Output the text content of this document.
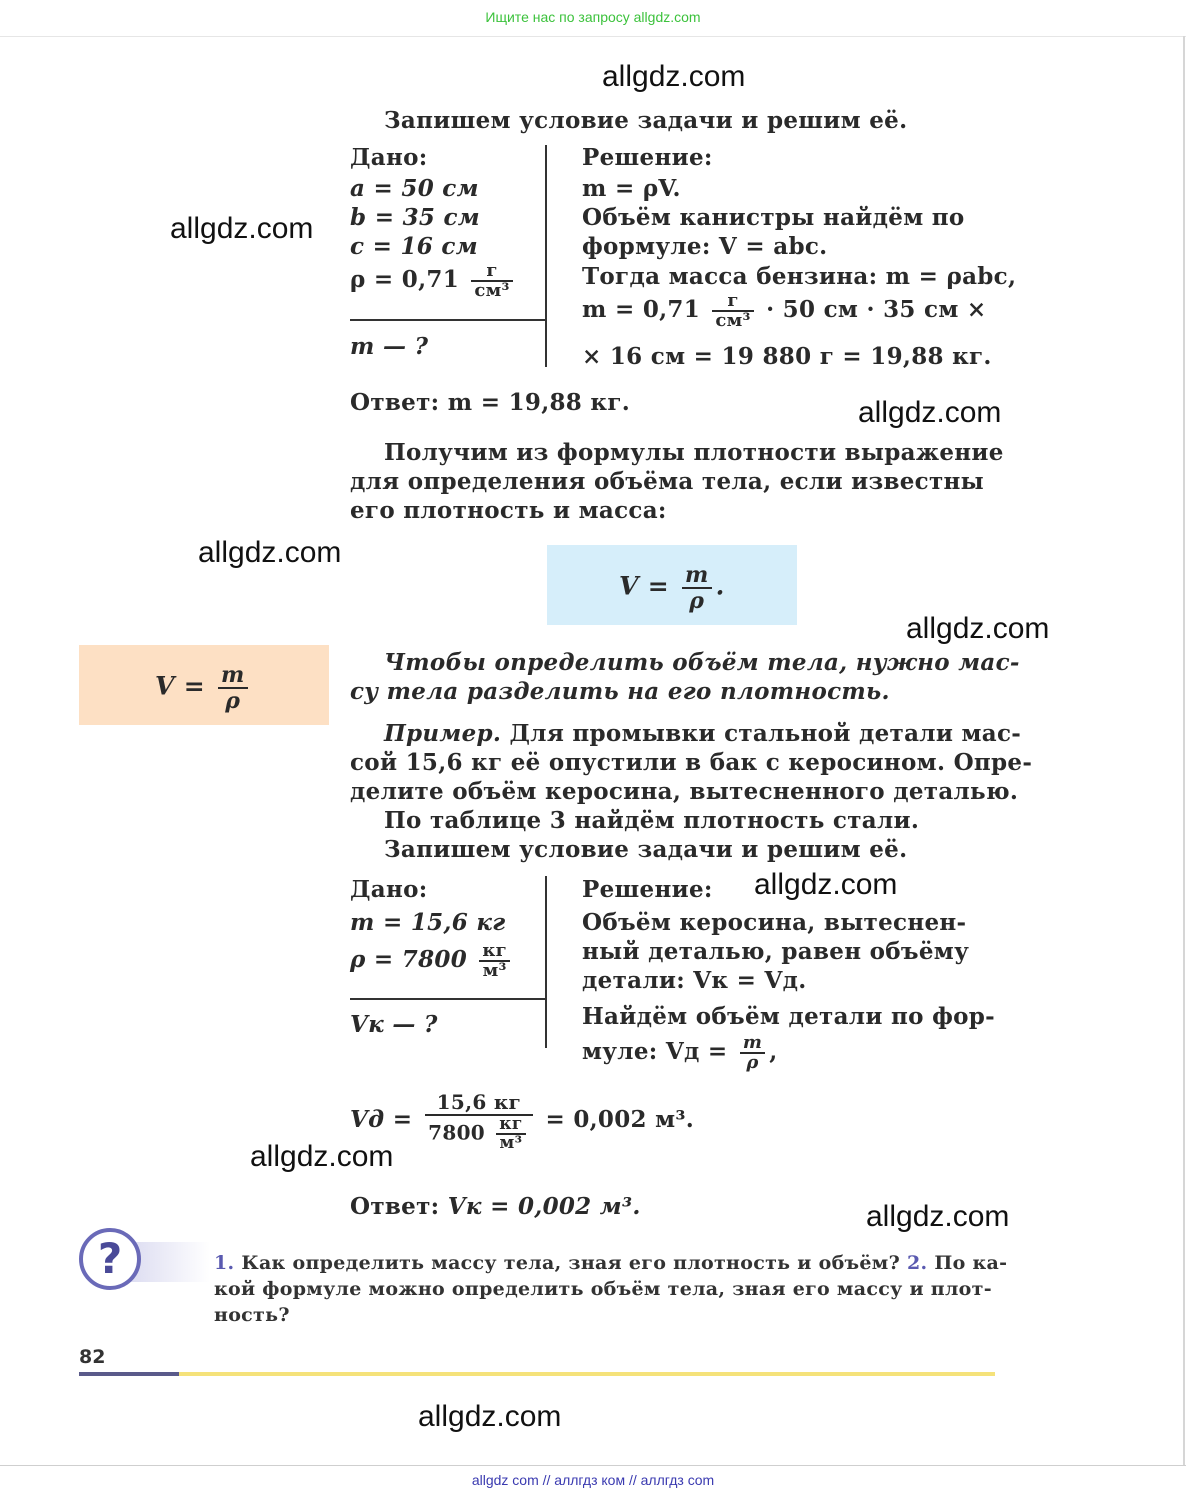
Ищите нас по запросу allgdz.com
allgdz.com
allgdz.com
allgdz.com
allgdz.com
allgdz.com
allgdz.com
allgdz.com
allgdz.com
allgdz.com
Запишем условие задачи и решим её.
Дано:
a = 50 см
b = 35 см
c = 16 см
$\rho = 0,71 \frac{г}{\text{см³}}$
m — ?
Решение:
m = ρV.
Объём канистры найдём по
формуле: V = abc.
Тогда масса бензина: m = ρabc,
$m = 0,71 \frac{г}{\text{см³}} \cdot 50$ см · 35 см ×
× 16 см = 19 880 г = 19,88 кг.
Ответ: m = 19,88 кг.
Получим из формулы плотности выражение
для определения объёма тела, если известны
его плотность и масса:
$V = \frac{m}{\rho}$ .
$V = \frac{m}{\rho}$
Чтобы определить объём тела, нужно мас-
су тела разделить на его плотность.
Пример. Для промывки стальной детали мас-
сой 15,6 кг её опустили в бак с керосином. Опре-
делите объём керосина, вытесненного деталью.
По таблице 3 найдём плотность стали.
Запишем условие задачи и решим её.
Дано:
m = 15,6 кг
$\rho = 7800 \frac{кг}{\text{м³}}$
Vк — ?
Решение:
Объём керосина, вытеснен-
ный деталью, равен объёму
детали: Vк = Vд.
Найдём объём детали по фор-
муле: Vд = $\frac{m}{\rho}$ ,
Vд = $\frac{15,6 кг}{7800 \frac{кг}{\text{м³}}} = 0,002$ м³.
Ответ: Vк = 0,002 м³.
?	1. Как определить массу тела, зная его плотность и объём? 2. По ка-
кой формуле можно определить объём тела, зная его массу и плот-
ность?
82
allgdz com // аллгдз ком // аллгдз com
